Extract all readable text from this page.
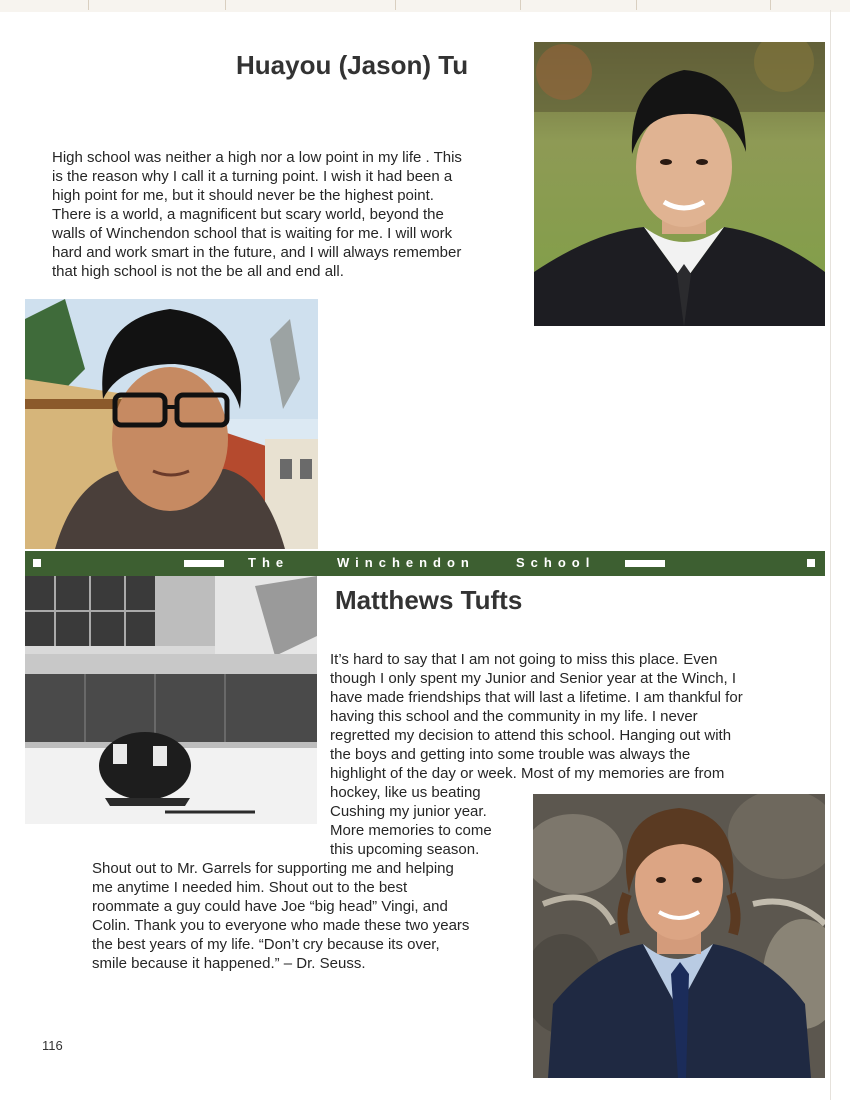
Huayou (Jason) Tu
High school was neither a high nor a low point in my life . This
is the reason why I call it a turning point. I wish it had been a
high point for me, but it should never be the highest point.
There is a world, a magnificent but scary world, beyond the
walls of Winchendon school that is waiting for me. I will work
hard and work smart in the future, and I will always remember
that high school is not the be all and end all.
The	Winchendon	School
Matthews Tufts
It’s hard to say that I am not going to miss this place. Even
though I only spent my Junior and Senior year at the Winch, I
have made friendships that will last a lifetime. I am thankful for
having this school and the community in my life. I never
regretted my decision to attend this school. Hanging out with
the boys and getting into some trouble was always the
highlight of the day or week. Most of my memories are from
hockey, like us beating
Cushing my junior year.
More memories to come
this upcoming season.
Shout out to Mr. Garrels for supporting me and helping
me anytime I needed him. Shout out to the best
roommate a guy could have Joe “big head” Vingi, and
Colin. Thank you to everyone who made these two years
the best years of my life. “Don’t cry because its over,
smile because it happened.” – Dr. Seuss.
116
